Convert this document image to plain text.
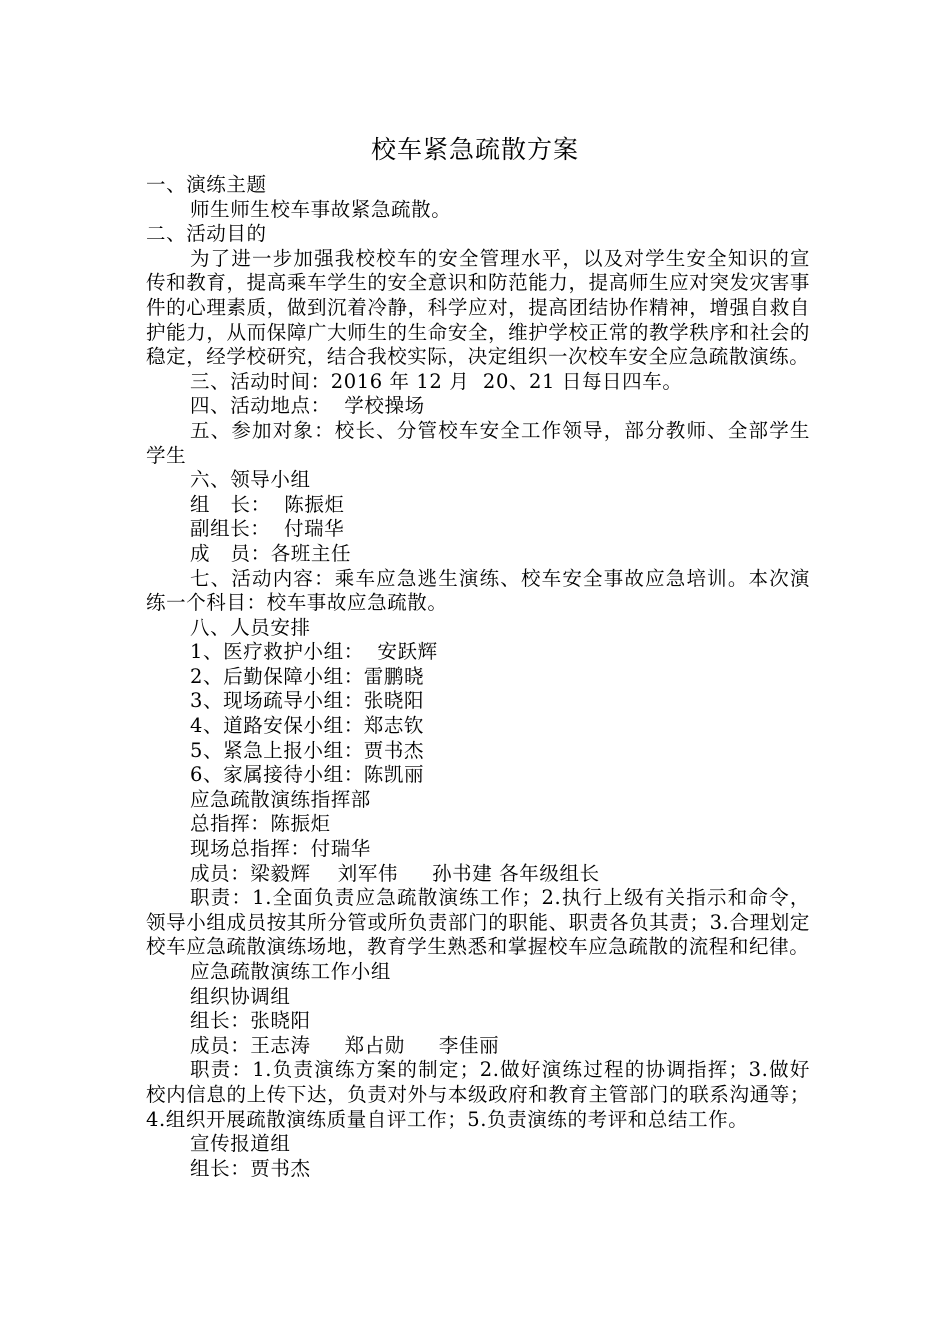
校车紧急疏散方案

一、演练主题

师生师生校车事故紧急疏散。

二、活动目的

为了进一步加强我校校车的安全管理水平，以及对学生安全知识的宣传和教育，提高乘车学生的安全意识和防范能力，提高师生应对突发灾害事件的心理素质，做到沉着冷静，科学应对，提高团结协作精神，增强自救自护能力，从而保障广大师生的生命安全，维护学校正常的教学秩序和社会的稳定，经学校研究，结合我校实际，决定组织一次校车安全应急疏散演练。

三、活动时间：2016 年 12 月  20、21 日每日四车。

四、活动地点：  学校操场

五、参加对象：校长、分管校车安全工作领导，部分教师、全部学生学生

六、领导小组

组   长：  陈振炬

副组长：  付瑞华

成   员：各班主任

七、活动内容：乘车应急逃生演练、校车安全事故应急培训。本次演练一个科目：校车事故应急疏散。

八、人员安排

1、医疗救护小组：  安跃辉

2、后勤保障小组：雷鹏晓

3、现场疏导小组：张晓阳

4、道路安保小组：郑志钦

5、紧急上报小组：贾书杰

6、家属接待小组：陈凯丽

应急疏散演练指挥部

总指挥：陈振炬

现场总指挥：付瑞华

成员：梁毅辉    刘军伟     孙书建 各年级组长

职责：1.全面负责应急疏散演练工作；2.执行上级有关指示和命令，领导小组成员按其所分管或所负责部门的职能、职责各负其责；3.合理划定校车应急疏散演练场地，教育学生熟悉和掌握校车应急疏散的流程和纪律。

应急疏散演练工作小组

组织协调组

组长：张晓阳

成员：王志涛     郑占勋     李佳丽

职责：1.负责演练方案的制定；2.做好演练过程的协调指挥；3.做好校内信息的上传下达，负责对外与本级政府和教育主管部门的联系沟通等；4.组织开展疏散演练质量自评工作；5.负责演练的考评和总结工作。

宣传报道组

组长：贾书杰
